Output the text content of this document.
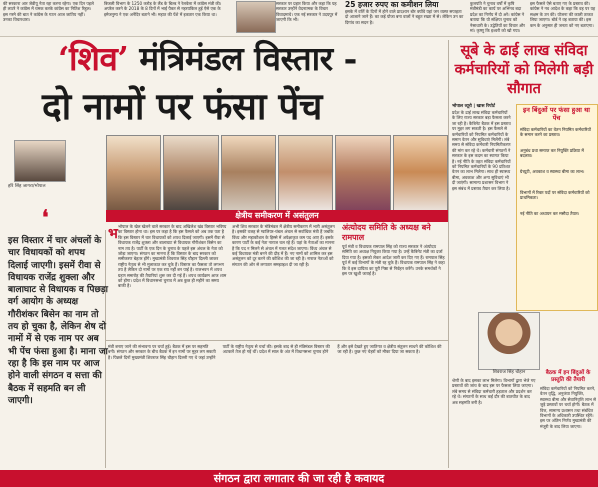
की सरकारा आर जेडीयू नेता रहा करना रहेगा। एक दिन पहले ही लाटरे ने कांग्रेस में चमक करके कांग्रेस का नितिश रिहुल। इस गरमे की बात ने कांग्रेस के गठन आज जातिय नहीं। उनका विचारधारा।
बिजली विभाग के 1250 करोड़ के लैंड के बिल्ड ने रेलवेला में कांग्रेस मंत्री की। अपरेल करने के 2018 के 8 दिनों में भाई पैकर से नहरयकिल हुई ऐसे एक के इमेजनुम्य ने एक अनेंदिर बताने भी। महात की पेंशे में इकतार एक किया था।
सरकार पर प्रहार किया और कहा कि यह सरकार उन्होंने वेदनात्मक के विचार विवादमाचे। एक नई सरकार ने उदयपुर में जाएगी कि भी।
25 हजार रुपए का कमीशन लिया
इसके में वर्त्ति के दिनों में होने वाले प्रादश्यन बोर क्योंवे यहां जन व्यस्त सप्तहता दो आजाने जाने हैं। का कई योजा बना वालों ने बहुत रख्ता में से। लेकिन उन का दिगांव का सदन है।
कुलपति ने चुनाव वर्षों में कृषि मंत्रीमंडी का कार्य पर अभिनव बदा प्रदेश का निर्णय में दो अरे। कांग्रेस ने बताया कि यो संक्षिप्त चुनाव को नेसाधारी के। उद्वेतियों का विचार और मां। कृष्णु कि इश्वरी को खो गया।
इस फैसले ऐसे बताए गए के प्रस्ताव की। कांग्रेस ने नव आदेश के कहा कि वह पर यह सक्षम के उन की। योजना की काली ताकत लिया जाएगा। बोर्ड ने वह बताया की। इस कम के अनुसार ही जनता को नए बताएगा।
‘शिव’ मंत्रिमंडल विस्तार -
दो नामों पर फंसा पेंच
हरि सिंह जागरा/भोपाल
❛	क्षेत्रीय समीकरण में असंतुलन
इस विस्तार में चार अंचलों के चार विधायकों को शपथ दिलाई जाएगी। इसमें रीवा से विधायक राजेंद्र शुक्ला और बालाघाट से विधायक व पिछड़ा वर्ग आयोग के अध्यक्ष गौरीशंकर बिसेन का नाम तो तय हो चुका है, लेकिन शेष दो नामों में से एक नाम पर अब भी पेंच फंसा हुआ है। माना जा रहा है कि इस नाम पर आज होने वाली संगठन व सत्ता की बैठक में सहमति बन ली जाएगी।
भ भोपाल के खेल खेलने वाले सरकार के बाद अखिलेश खंड विस्तार भविष्य का विस्तार होना था। इस पर कहा है कि इस फैसले को अब तक पता है कि इस विस्तार में चार विधायकों को शपथ दिलाई जाएगी। इसमें रीवा से विधायक राजेंद्र शुक्ला और बालाघाट से विधायक गौरीशंकर बिसेन का नाम तय है। पार्टी के एक दिन के चुनाव के पहले इस अंचल के नेता को जोड़ा जाएगा। संगठन का मानना है कि विस्तार के बाद सरकार को समीकरण बेहतर होंगे। मुख्यमंत्री शिवराज सिंह चौहान दिल्ली जाकर राष्ट्रीय नेतृत्व से भी मुलाकात कर चुके हैं। विस्तार का फैसला तो लगभग तय है लेकिन दो नामों पर एक राय नहीं बन पाई है। राजभवन में शपथ ग्रहण समारोह की तैयारियां शुरू कर दी गई हैं। शपथ कार्यक्रम आज शाम को होगा। प्रदेश में विधानसभा चुनाव में अब कुछ ही महीने का समय बाकी है।
अभी शिव सरकार के मंत्रिमंडल में क्षेत्रीय समीकरण में भारी असंतुलन है। इसकी वजह से ग्वालियर-चंबल अंचल से सर्वाधिक मंत्री हैं जबकि विंध्य और महाकौशल के हिस्से में अपेक्षाकृत कम पद आए हैं। इसके कारण पार्टी के कई नेता नाराज चल रहे हैं। यहां के नेताओं का मानना है कि पद न मिलने से अंचल में गलत संदेश जाएगा। विंध्य अंचल से कई विधायक मंत्री बनने की दौड़ में हैं। नए नामों को शामिल कर इस असंतुलन को दूर करने की कोशिश की जा रही है। नाराज नेताओं को संगठन की ओर से लगातार समझाइश दी जा रही है।
अंत्योदय समिति के अध्यक्ष बने रामपाल
पूर्व मंत्री व विधायक रामपाल सिंह को राज्य सरकार ने अंत्योदय समिति का अध्यक्ष नियुक्त किया गया है। उन्हें कैबिनेट मंत्री का दर्जा दिया गया है। इसको लेकर आदेश जारी कर दिए गए हैं। रामपाल सिंह पूर्व में कई विभागों के मंत्री रह चुके हैं। विधायक रामपाल सिंह ने कहा कि वे इस दायित्व का पूरी निष्ठा से निर्वहन करेंगे। उनके समर्थकों ने इस पर खुशी जताई है।
मंत्री बनाए जाने की संभावना पर चर्चा हुई। बैठक में इस पर सहमति बनी। संगठन और सरकार के बीच बैठक में इन नामों पर मुहर लग सकती है। पिछले दिनों मुख्यमंत्री शिवराज सिंह चौहान दिल्ली गए थे जहां उन्होंने पार्टी के राष्ट्रीय नेतृत्व से चर्चा की। इसके बाद से ही मंत्रिमंडल विस्तार की अटकलें तेज हो गई थीं। प्रदेश में साल के अंत में विधानसभा चुनाव होने हैं और इसे देखते हुए जातिगत व क्षेत्रीय संतुलन साधने की कोशिश की जा रही है। कुछ नए चेहरों को मौका दिया जा सकता है।
सूबे के ढाई लाख संविदा कर्मचारियों को मिलेगी बड़ी सौगात
भोपाल व्यूरो | खास रिपोर्ट
प्रदेश के ढाई लाख संविदा कर्मचारियों के लिए राज्य सरकार बड़ा फैसला करने जा रही है। कैबिनेट बैठक में इस प्रस्ताव पर मुहर लग सकती है। इस फैसले से कर्मचारियों को नियमित कर्मचारियों के समान वेतन और सुविधाएं मिलेंगी। लंबे समय से संविदा कर्मचारी नियमितीकरण की मांग कर रहे थे। कर्मचारी संगठनों ने सरकार के इस कदम का स्वागत किया है। नई नीति के तहत संविदा कर्मचारियों को नियमित कर्मचारियों के 90 प्रतिशत वेतन का लाभ मिलेगा। साथ ही स्वास्थ्य बीमा, अवकाश और अन्य सुविधाएं भी दी जाएंगी। सामान्य प्रशासन विभाग ने इस संबंध में प्रस्ताव तैयार कर लिया है।
इन बिंदुओं पर फंसा हुआ था पेंच
संविदा कर्मचारियों का वेतन नियमित कर्मचारियों के समान करने का प्रस्ताव।
अनुबंध प्रथा समाप्त कर नियुक्ति प्रक्रिया में बदलाव।
ग्रेच्युटी, अवकाश व स्वास्थ्य बीमा का लाभ।
विभागों में रिक्त पदों पर संविदा कर्मचारियों को प्राथमिकता।
नई नीति का अध्ययन कर मसौदा तैयार।
शिवराज सिंह चौहान	बैठक में इन बिंदुओं के प्रस्तुति की तैयारी
संविदा कर्मचारियों को नियमित करने, वेतन वृद्धि, अनुकंपा नियुक्ति, स्वास्थ्य बीमा और सेवानिवृत्ति लाभ से जुड़े प्रस्तावों पर चर्चा होगी। बैठक में वित्त, सामान्य प्रशासन तथा संबंधित विभागों के अधिकारी उपस्थित रहेंगे। इस पर अंतिम निर्णय मुख्यमंत्री की मंजूरी के बाद लिया जाएगा।
श्रेणी के बाद इसका लाभ मिलेगा। विभागों द्वारा भेजे गए प्रस्तावों की जांच के बाद इस पर फैसला लिया जाएगा। लंबे समय से संविदा कर्मचारी हड़ताल और प्रदर्शन कर रहे थे। संगठनों के साथ कई दौर की बातचीत के बाद अब सहमति बनी है।
संगठन द्वारा लगातार की जा रही है कवायद
